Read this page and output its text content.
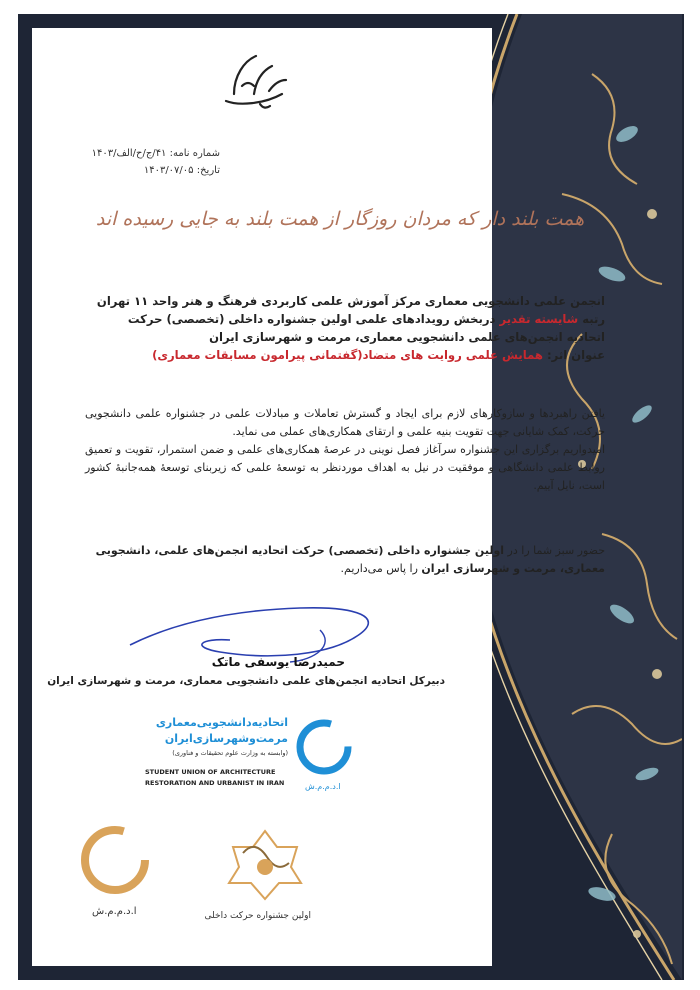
شماره نامه: ۴۱/ج/ح/الف/۱۴۰۳
تاریخ: ۱۴۰۳/۰۷/۰۵
همت بلند دار که مردان روزگار از همت بلند به جایی رسیده اند
انجمن علمی دانشجویی معماری مرکز آموزش علمی کاربردی فرهنگ و هنر واحد ۱۱ تهران
رتبه شایسته تقدیر دربخش رویدادهای علمی اولین جشنواره داخلی (تخصصی) حرکت
اتحادیه انجمن‌های علمی دانشجویی معماری، مرمت و شهرسازی ایران
عنوان اثر: همایش علمی روایت های متضاد(گفتمانی پیرامون مسابقات معماری)
یافتن راهبردها و سازوکارهای لازم برای ایجاد و گسترش تعاملات و مبادلات علمی در جشنواره علمی دانشجویی حرکت، کمک شایانی جهت تقویت بنیه علمی و ارتقای همکاری‌های عملی می نماید.
امیدواریم برگزاری این جشنواره سرآغاز فصل نوینی در عرصهٔ همکاری‌های علمی و ضمن استمرار، تقویت و تعمیق روابط علمی دانشگاهی و موفقیت در نیل به اهداف موردنظر به توسعهٔ علمی که زیربنای توسعهٔ همه‌جانبهٔ کشور است، نایل آییم.
حضور سبز شما را در اولین جشنواره داخلی (تخصصی) حرکت اتحادیه انجمن‌های علمی، دانشجویی معماری، مرمت و شهرسازی ایران را پاس می‌داریم.
حمیدرضا یوسفی ماتک
دبیرکل اتحادیه انجمن‌های علمی دانشجویی معماری، مرمت و شهرسازی ایران
ا.د.م.م.ش
اتحادیه‌دانشجویی‌معماری
مرمت‌وشهرسازی‌ایران
(وابسته به وزارت علوم تحقیقات و فناوری)
STUDENT UNION OF ARCHITECTURE
RESTORATION AND URBANIST IN IRAN
ا.د.م.م.ش	اولین جشنواره حرکت داخلی
